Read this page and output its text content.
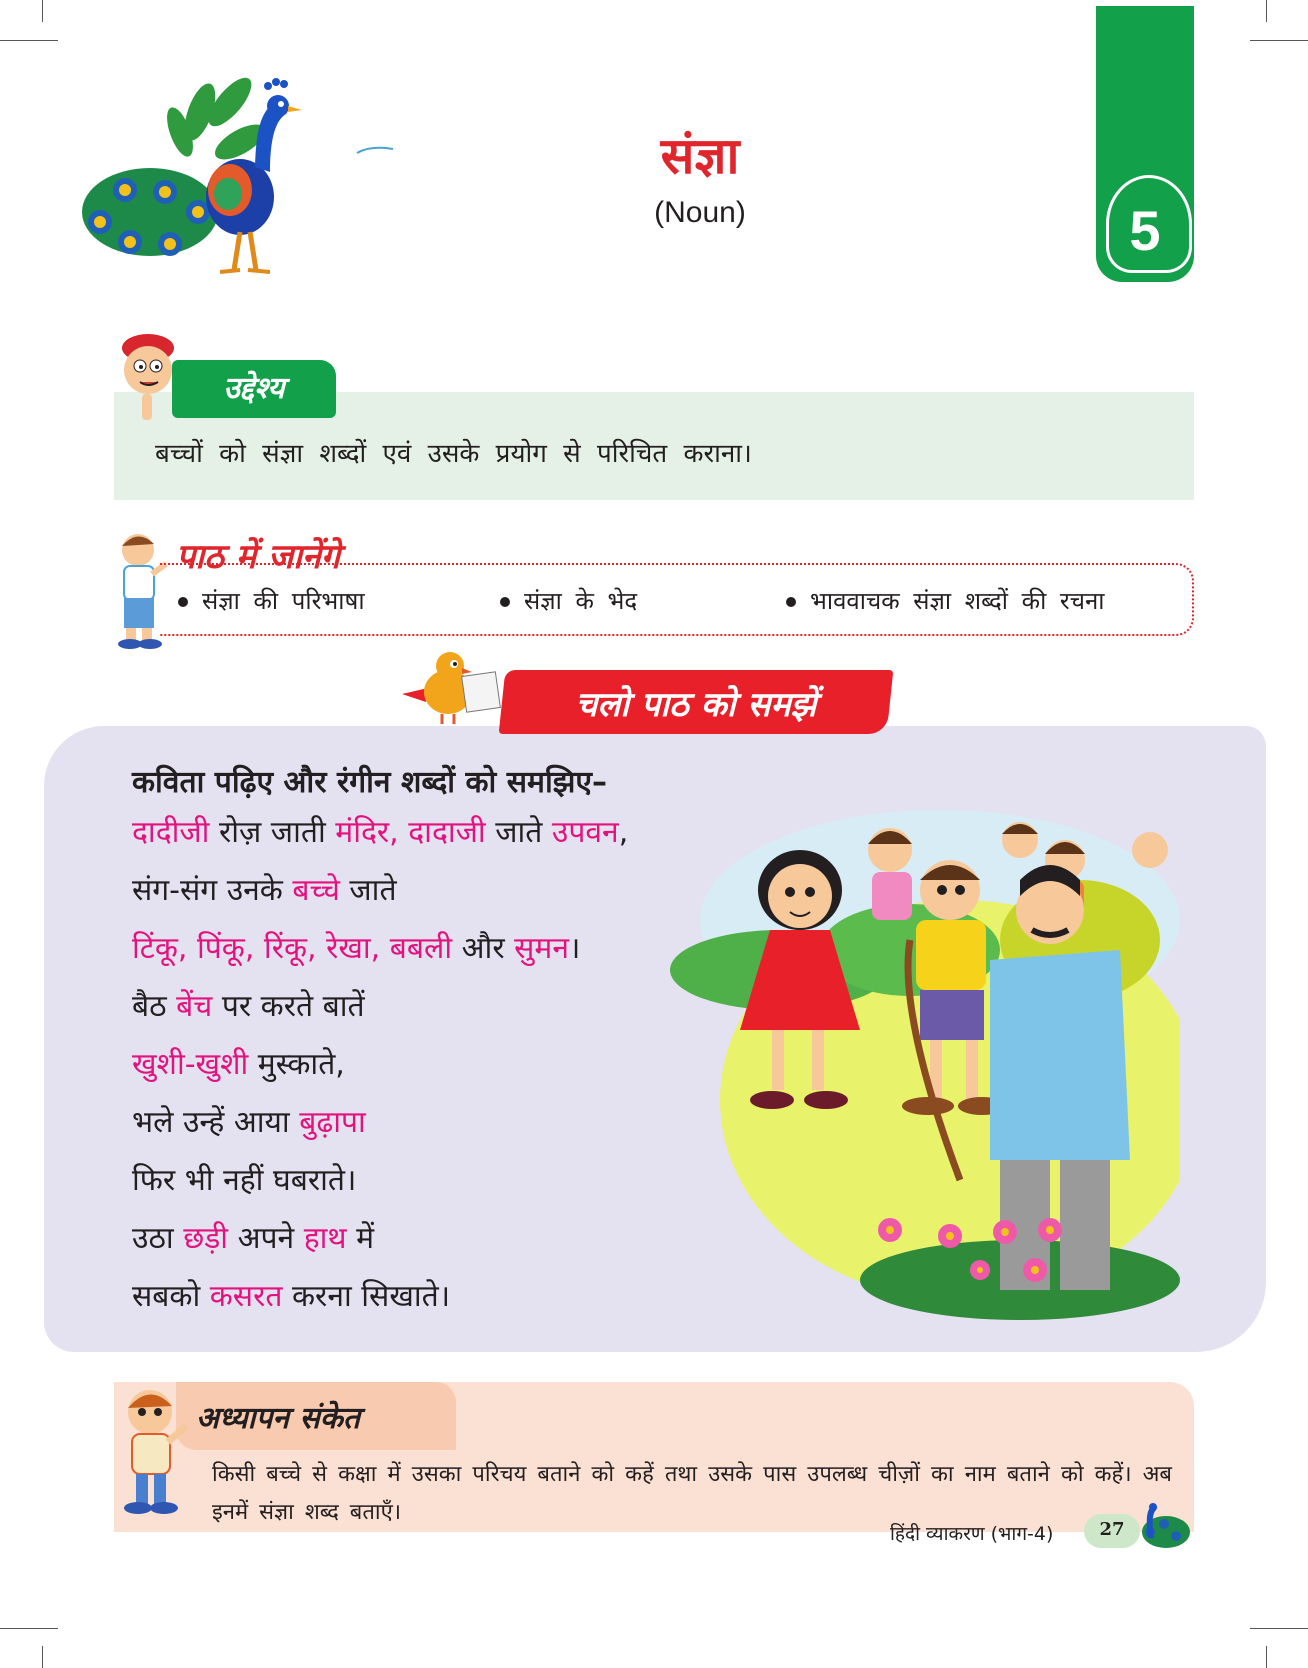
संज्ञा
(Noun)	5
उद्देश्य
बच्चों को संज्ञा शब्दों एवं उसके प्रयोग से परिचित कराना।
पाठ में जानेंगे
संज्ञा की परिभाषा	संज्ञा के भेद	भाववाचक संज्ञा शब्दों की रचना
चलो पाठ को समझें
कविता पढ़िए और रंगीन शब्दों को समझिए–
दादीजी रोज़ जाती मंदिर, दादाजी जाते उपवन,
संग-संग उनके बच्चे जाते
टिंकू, पिंकू, रिंकू, रेखा, बबली और सुमन।
बैठ बेंच पर करते बातें
खुशी-खुशी मुस्काते,
भले उन्हें आया बुढ़ापा
फिर भी नहीं घबराते।
उठा छड़ी अपने हाथ में
सबको कसरत करना सिखाते।
अध्यापन संकेत
किसी बच्चे से कक्षा में उसका परिचय बताने को कहें तथा उसके पास उपलब्ध चीज़ों का नाम बताने को कहें। अब इनमें संज्ञा शब्द बताएँ।
हिंदी व्याकरण (भाग-4)	27
